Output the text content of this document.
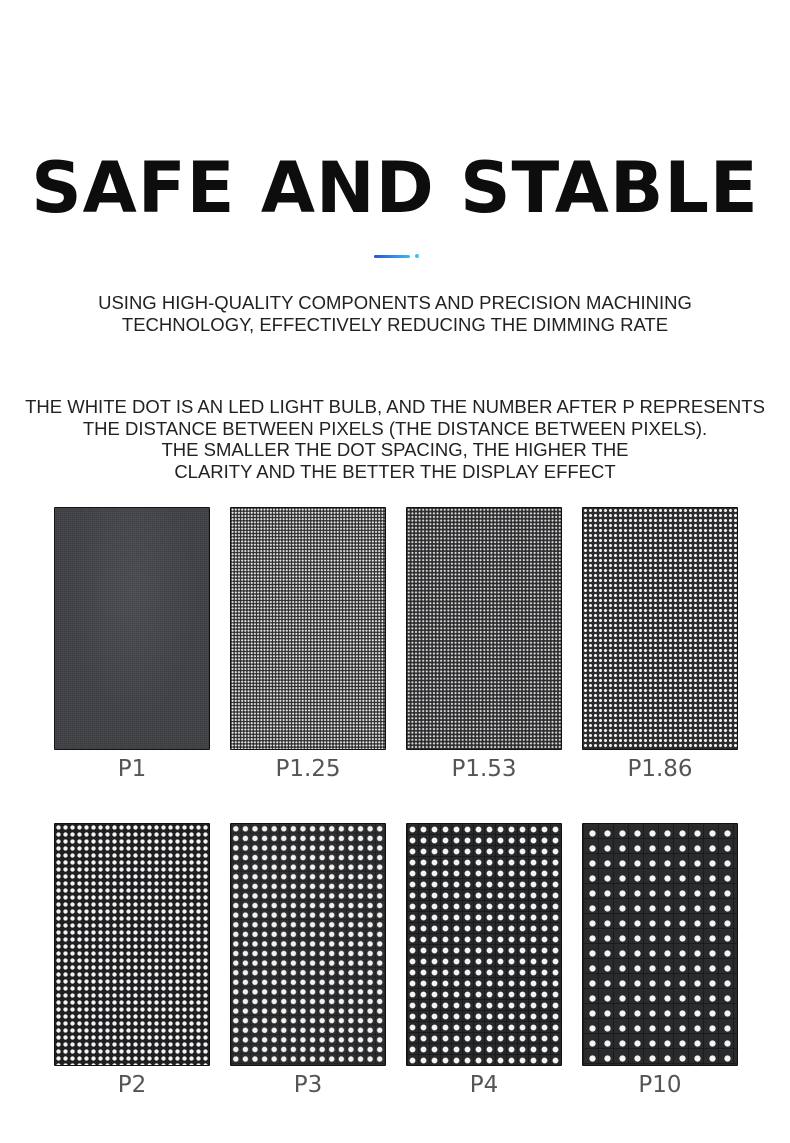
SAFE AND STABLE
USING HIGH-QUALITY COMPONENTS AND PRECISION MACHINING
TECHNOLOGY, EFFECTIVELY REDUCING THE DIMMING RATE
THE WHITE DOT IS AN LED LIGHT BULB, AND THE NUMBER AFTER P REPRESENTS
THE DISTANCE BETWEEN PIXELS (THE DISTANCE BETWEEN PIXELS).
THE SMALLER THE DOT SPACING, THE HIGHER THE
CLARITY AND THE BETTER THE DISPLAY EFFECT
P1	P1.25	P1.53	P1.86
P2	P3	P4	P10
